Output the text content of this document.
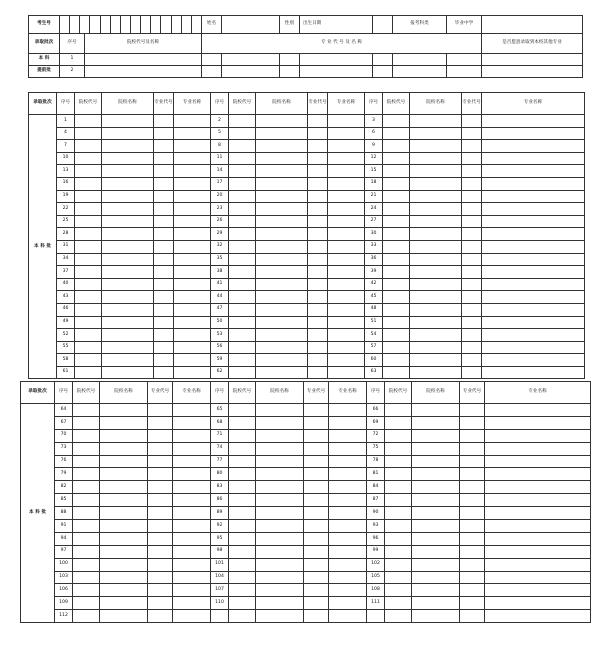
考生号			姓名		性别	出生日期		报考科类	毕业中学	
录取批次	序号	院校代号及名称	专 业 代 号 及 名 称							是否愿意录取到本校其他专业
本 科	1									
提前批	2									
录取批次	序号	院校代号	院校名称	专业代号	专业名称	序号	院校代号	院校名称	专业代号	专业名称	序号	院校代号	院校名称	专业代号	专业名称
本 科 批	1					2					3				
	4					5					6				
	7					8					9				
	10					11					12				
	13					14					15				
	16					17					18				
	19					20					21				
	22					23					24				
	25					26					27				
	28					29					30				
	31					32					33				
	34					35					36				
	37					38					39				
	40					41					42				
	43					44					45				
	46					47					48				
	49					50					51				
	52					53					54				
	55					56					57				
	58					59					60				
	61					62					63				
录取批次	序号	院校代号	院校名称	专业代号	专业名称	序号	院校代号	院校名称	专业代号	专业名称	序号	院校代号	院校名称	专业代号	专业名称
本 科 批	64					65					66				
	67					68					69				
	70					71					72				
	73					74					75				
	76					77					78				
	79					80					81				
	82					83					84				
	85					86					87				
	88					89					90				
	91					92					93				
	94					95					96				
	97					98					99				
	100					101					102				
	103					104					105				
	106					107					108				
	109					110					111				
	112														
